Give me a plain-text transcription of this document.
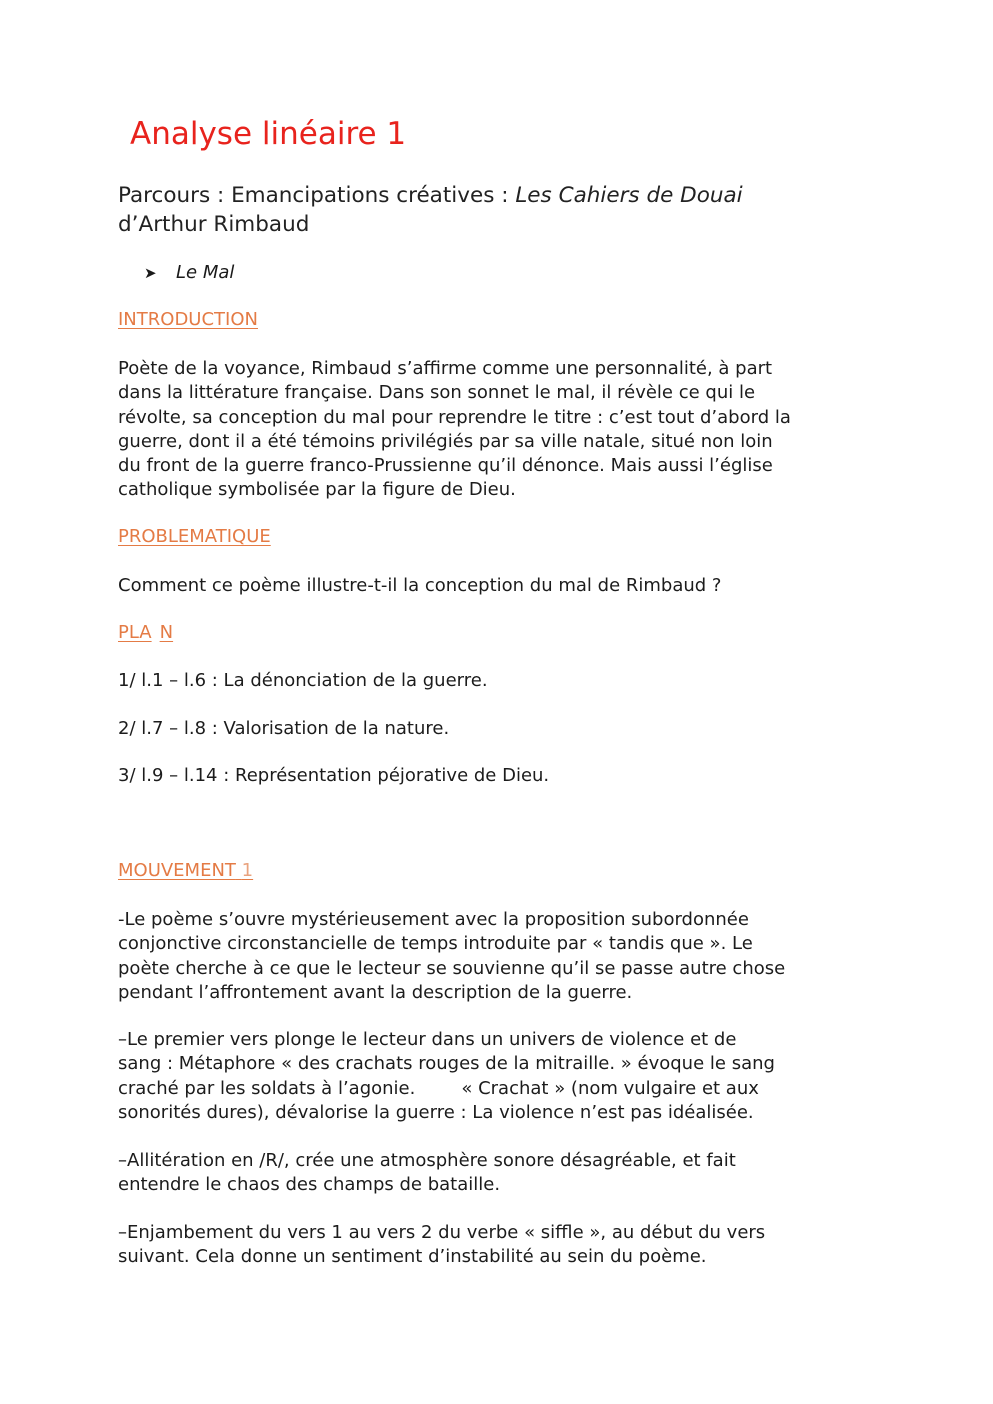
Analyse linéaire 1

Parcours : Emancipations créatives : Les Cahiers de Douai
d’Arthur Rimbaud

➤ Le Mal
INTRODUCTION

Poète de la voyance, Rimbaud s’affirme comme une personnalité, à part
dans la littérature française. Dans son sonnet le mal, il révèle ce qui le
révolte, sa conception du mal pour reprendre le titre : c’est tout d’abord la
guerre, dont il a été témoins privilégiés par sa ville natale, situé non loin
du front de la guerre franco-Prussienne qu’il dénonce. Mais aussi l’église
catholique symbolisée par la figure de Dieu.

PROBLEMATIQUE

Comment ce poème illustre-t-il la conception du mal de Rimbaud ?

PLA N

1/ l.1 – l.6 : La dénonciation de la guerre.

2/ l.7 – l.8 : Valorisation de la nature.

3/ l.9 – l.14 : Représentation péjorative de Dieu.

MOUVEMENT 1

-Le poème s’ouvre mystérieusement avec la proposition subordonnée
conjonctive circonstancielle de temps introduite par « tandis que ». Le
poète cherche à ce que le lecteur se souvienne qu’il se passe autre chose
pendant l’affrontement avant la description de la guerre.

–Le premier vers plonge le lecteur dans un univers de violence et de
sang : Métaphore « des crachats rouges de la mitraille. » évoque le sang
craché par les soldats à l’agonie.	« Crachat » (nom vulgaire et aux
sonorités dures), dévalorise la guerre : La violence n’est pas idéalisée.

–Allitération en /R/, crée une atmosphère sonore désagréable, et fait
entendre le chaos des champs de bataille.

–Enjambement du vers 1 au vers 2 du verbe « siffle », au début du vers
suivant. Cela donne un sentiment d’instabilité au sein du poème.
